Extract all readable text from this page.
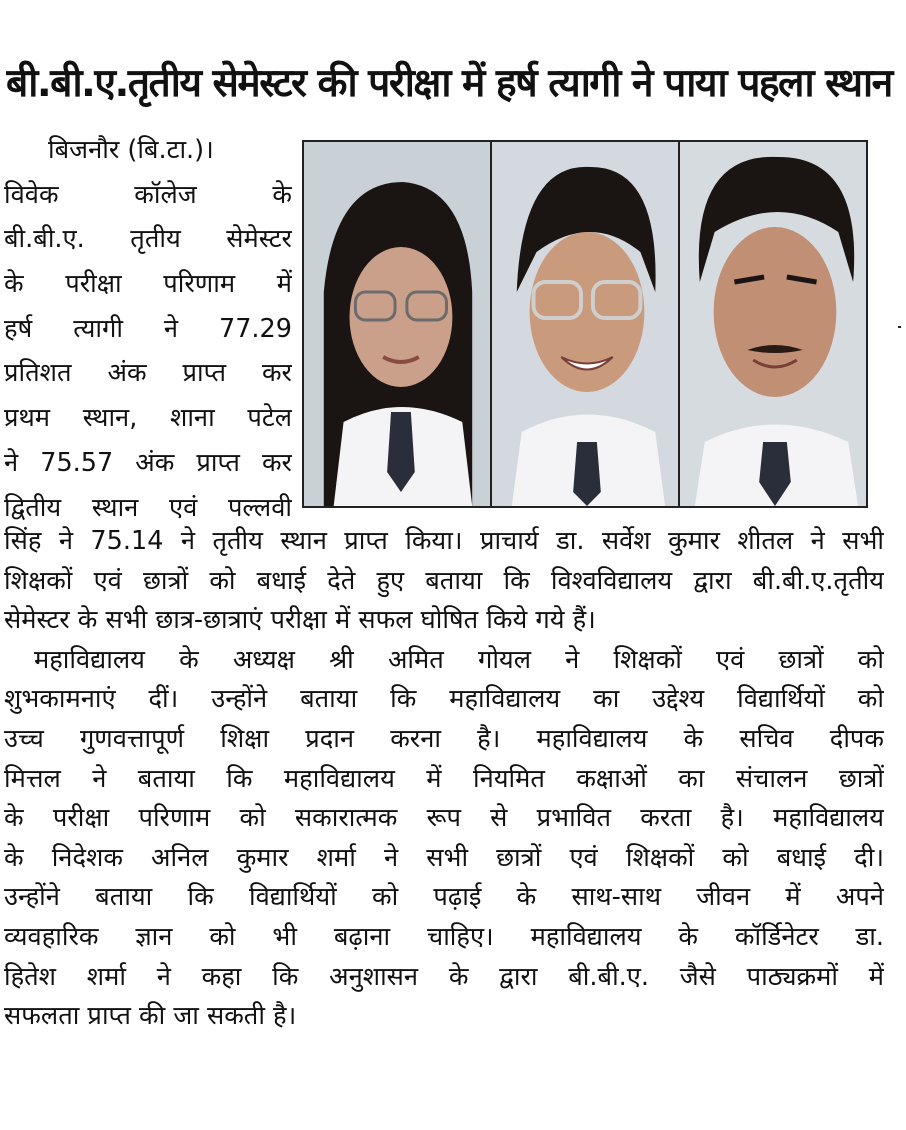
बी.बी.ए.तृतीय सेमेस्टर की परीक्षा में हर्ष त्यागी ने पाया पहला स्थान
बिजनौर (बि.टा.)।
विवेक कॉलेज के
बी.बी.ए. तृतीय सेमेस्टर
के परीक्षा परिणाम में
हर्ष त्यागी ने 77.29
प्रतिशत अंक प्राप्त कर
प्रथम स्थान, शाना पटेल
ने 75.57 अंक प्राप्त कर
द्वितीय स्थान एवं पल्लवी
सिंह ने 75.14 ने तृतीय स्थान प्राप्त किया। प्राचार्य डा. सर्वेश कुमार शीतल ने सभी
शिक्षकों एवं छात्रों को बधाई देते हुए बताया कि विश्वविद्यालय द्वारा बी.बी.ए.तृतीय
सेमेस्टर के सभी छात्र-छात्राएं परीक्षा में सफल घोषित किये गये हैं।
महाविद्यालय के अध्यक्ष श्री अमित गोयल ने शिक्षकों एवं छात्रों को
शुभकामनाएं दीं। उन्होंने बताया कि महाविद्यालय का उद्देश्य विद्यार्थियों को
उच्च गुणवत्तापूर्ण शिक्षा प्रदान करना है। महाविद्यालय के सचिव दीपक
मित्तल ने बताया कि महाविद्यालय में नियमित कक्षाओं का संचालन छात्रों
के परीक्षा परिणाम को सकारात्मक रूप से प्रभावित करता है। महाविद्यालय
के निदेशक अनिल कुमार शर्मा ने सभी छात्रों एवं शिक्षकों को बधाई दी।
उन्होंने बताया कि विद्यार्थियों को पढ़ाई के साथ-साथ जीवन में अपने
व्यवहारिक ज्ञान को भी बढ़ाना चाहिए। महाविद्यालय के कॉर्डिनेटर डा.
हितेश शर्मा ने कहा कि अनुशासन के द्वारा बी.बी.ए. जैसे पाठ्यक्रमों में
सफलता प्राप्त की जा सकती है।
